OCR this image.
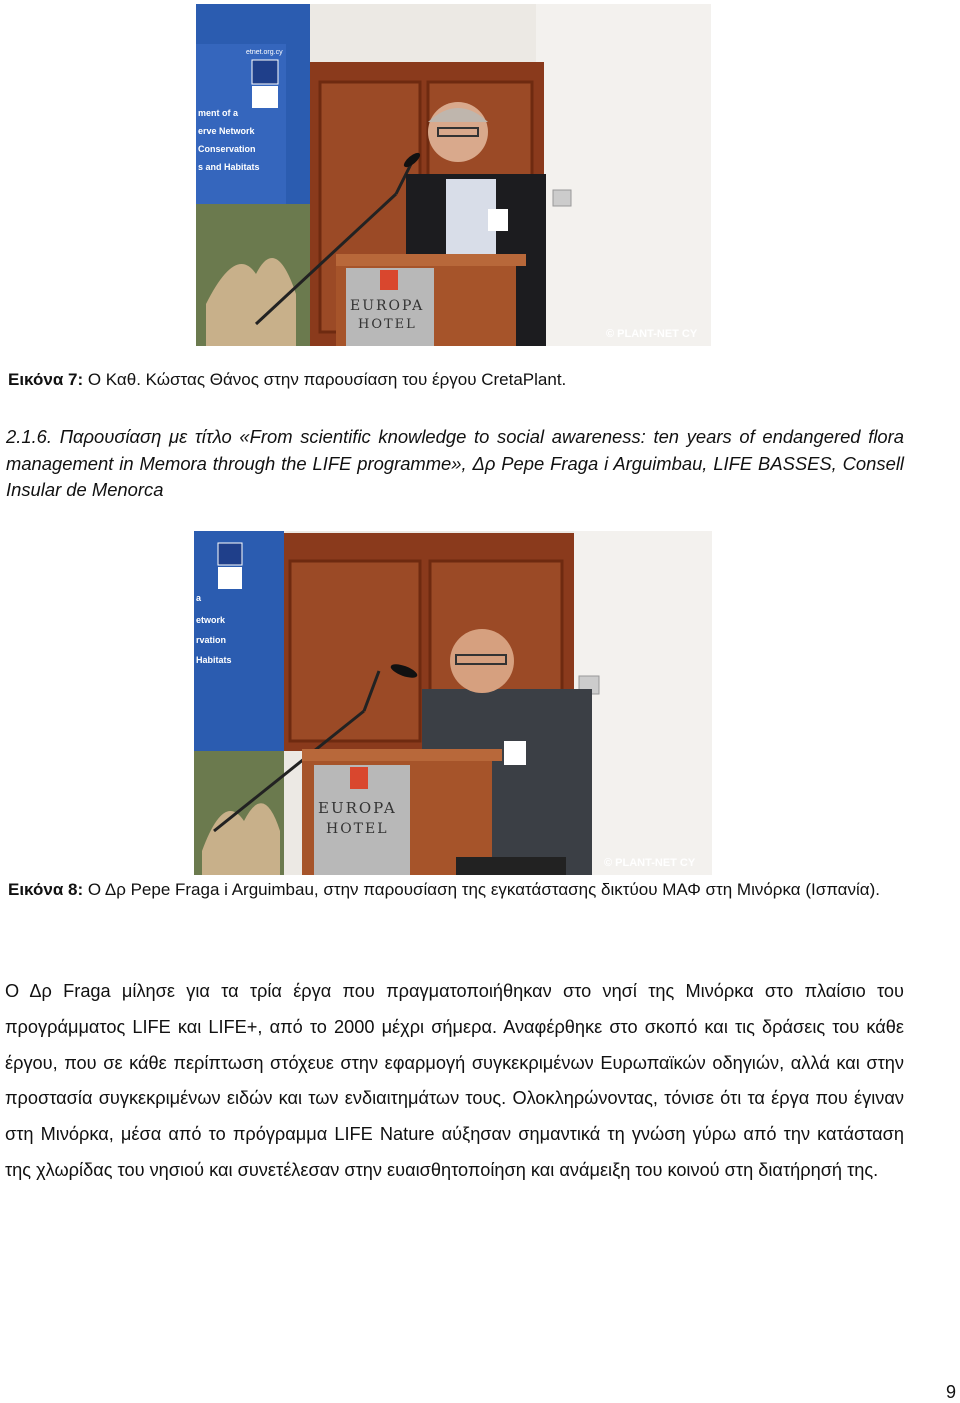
etnet.org.cy
ment of a
erve Network
Conservation
s and Habitats
EUROPA
HOTEL
© PLANT-NET CY
Εικόνα 7: Ο Καθ. Κώστας Θάνος στην παρουσίαση του έργου CretaPlant.
2.1.6. Παρουσίαση με τίτλο «From scientific knowledge to social awareness: ten years of endangered flora management in Memora through the LIFE programme», Δρ Pepe Fraga i Arguimbau, LIFE BASSES, Consell Insular de Menorca
a
etwork
rvation
Habitats
EUROPA
HOTEL
© PLANT-NET CY
Εικόνα 8: Ο Δρ Pepe Fraga i Arguimbau, στην παρουσίαση της εγκατάστασης δικτύου ΜΑΦ στη Μινόρκα (Ισπανία).
Ο Δρ Fraga μίλησε για τα τρία έργα που πραγματοποιήθηκαν στο νησί της Μινόρκα στο πλαίσιο του προγράμματος LIFE και LIFE+, από το 2000 μέχρι σήμερα. Αναφέρθηκε στο σκοπό και τις δράσεις του κάθε έργου, που σε κάθε περίπτωση στόχευε στην εφαρμογή συγκεκριμένων Ευρωπαϊκών οδηγιών, αλλά και στην προστασία συγκεκριμένων ειδών και των ενδιαιτημάτων τους. Ολοκληρώνοντας, τόνισε ότι τα έργα που έγιναν στη Μινόρκα, μέσα από το πρόγραμμα LIFE Nature αύξησαν σημαντικά τη γνώση γύρω από την κατάσταση της χλωρίδας του νησιού και συνετέλεσαν στην ευαισθητοποίηση και ανάμειξη του κοινού στη διατήρησή της.
9
